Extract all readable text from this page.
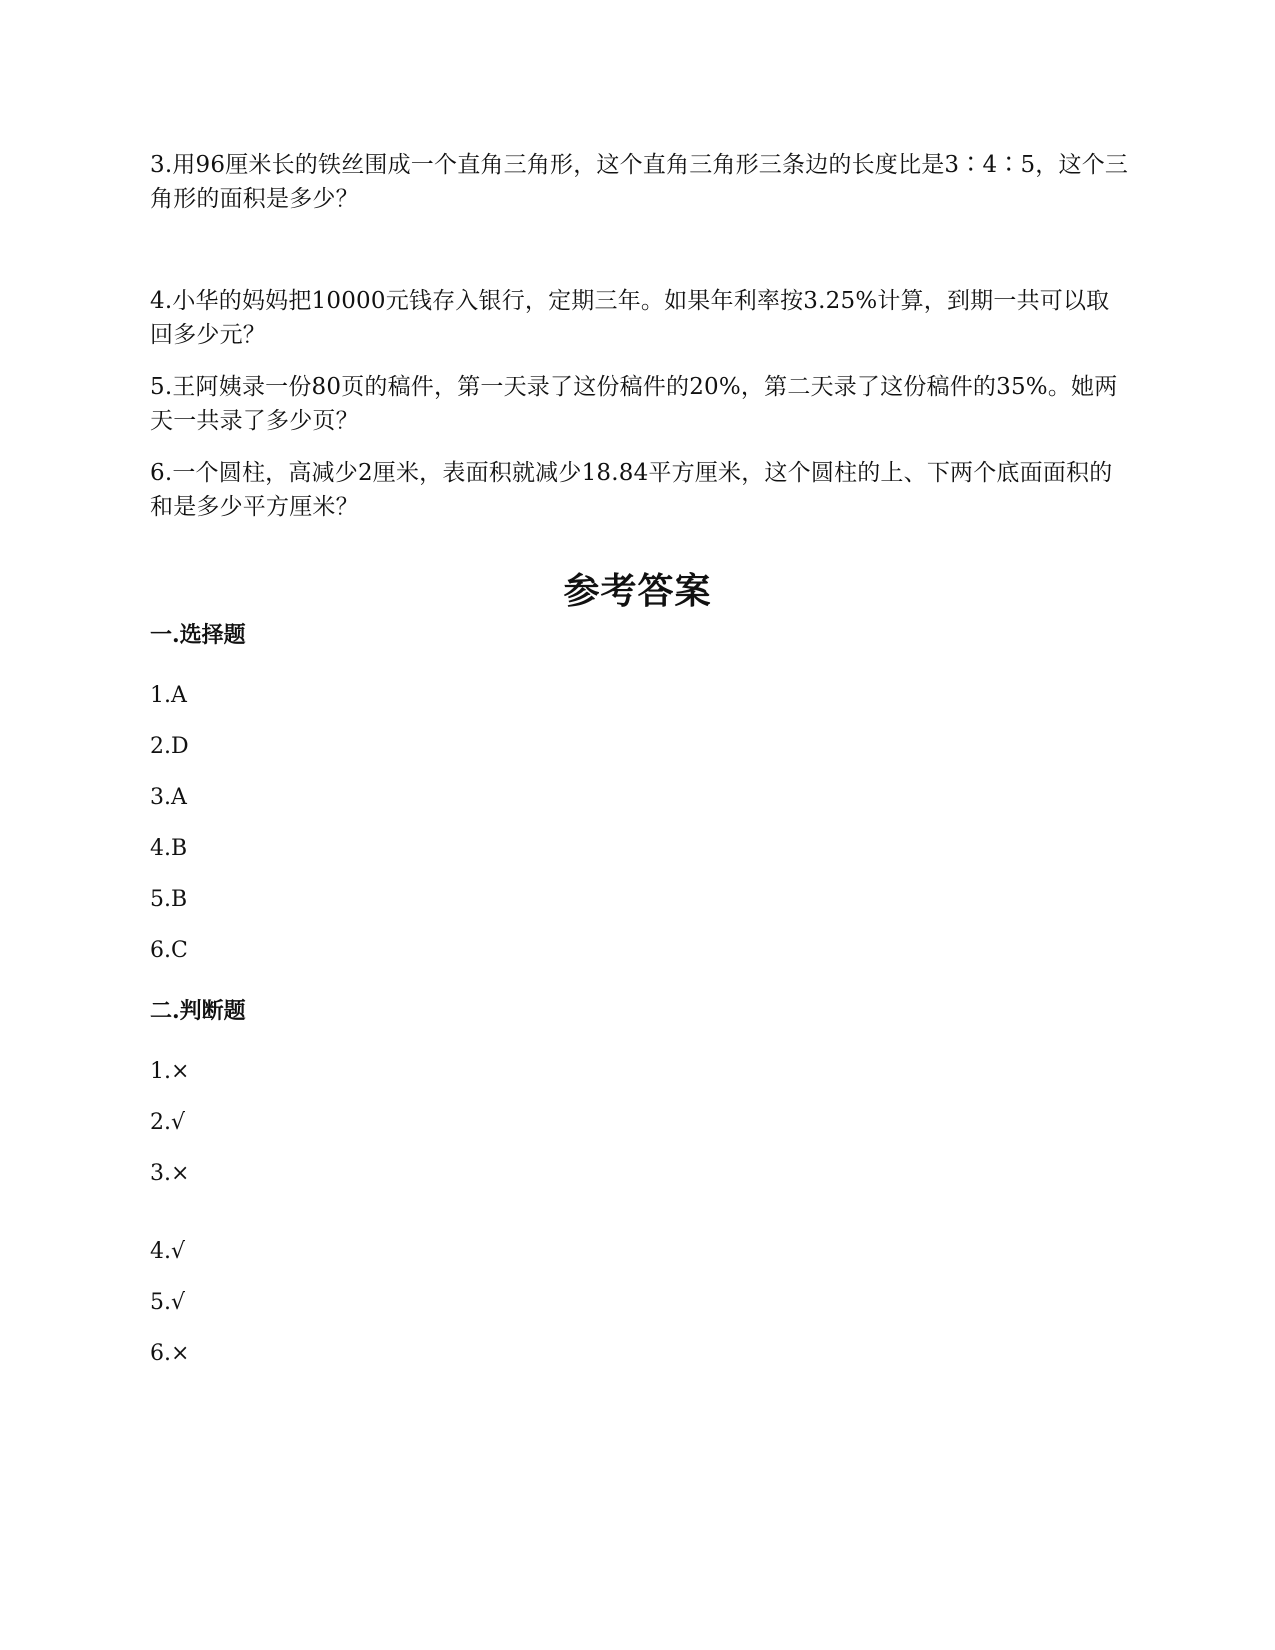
3.用96厘米长的铁丝围成一个直角三角形，这个直角三角形三条边的长度比是3∶4∶5，这个三角形的面积是多少？
4.小华的妈妈把10000元钱存入银行，定期三年。如果年利率按3.25%计算，到期一共可以取回多少元？
5.王阿姨录一份80页的稿件，第一天录了这份稿件的20%，第二天录了这份稿件的35%。她两天一共录了多少页？
6.一个圆柱，高减少2厘米，表面积就减少18.84平方厘米，这个圆柱的上、下两个底面面积的和是多少平方厘米？
参考答案
一.选择题
1.A
2.D
3.A
4.B
5.B
6.C
二.判断题
1.×
2.√
3.×
4.√
5.√
6.×
